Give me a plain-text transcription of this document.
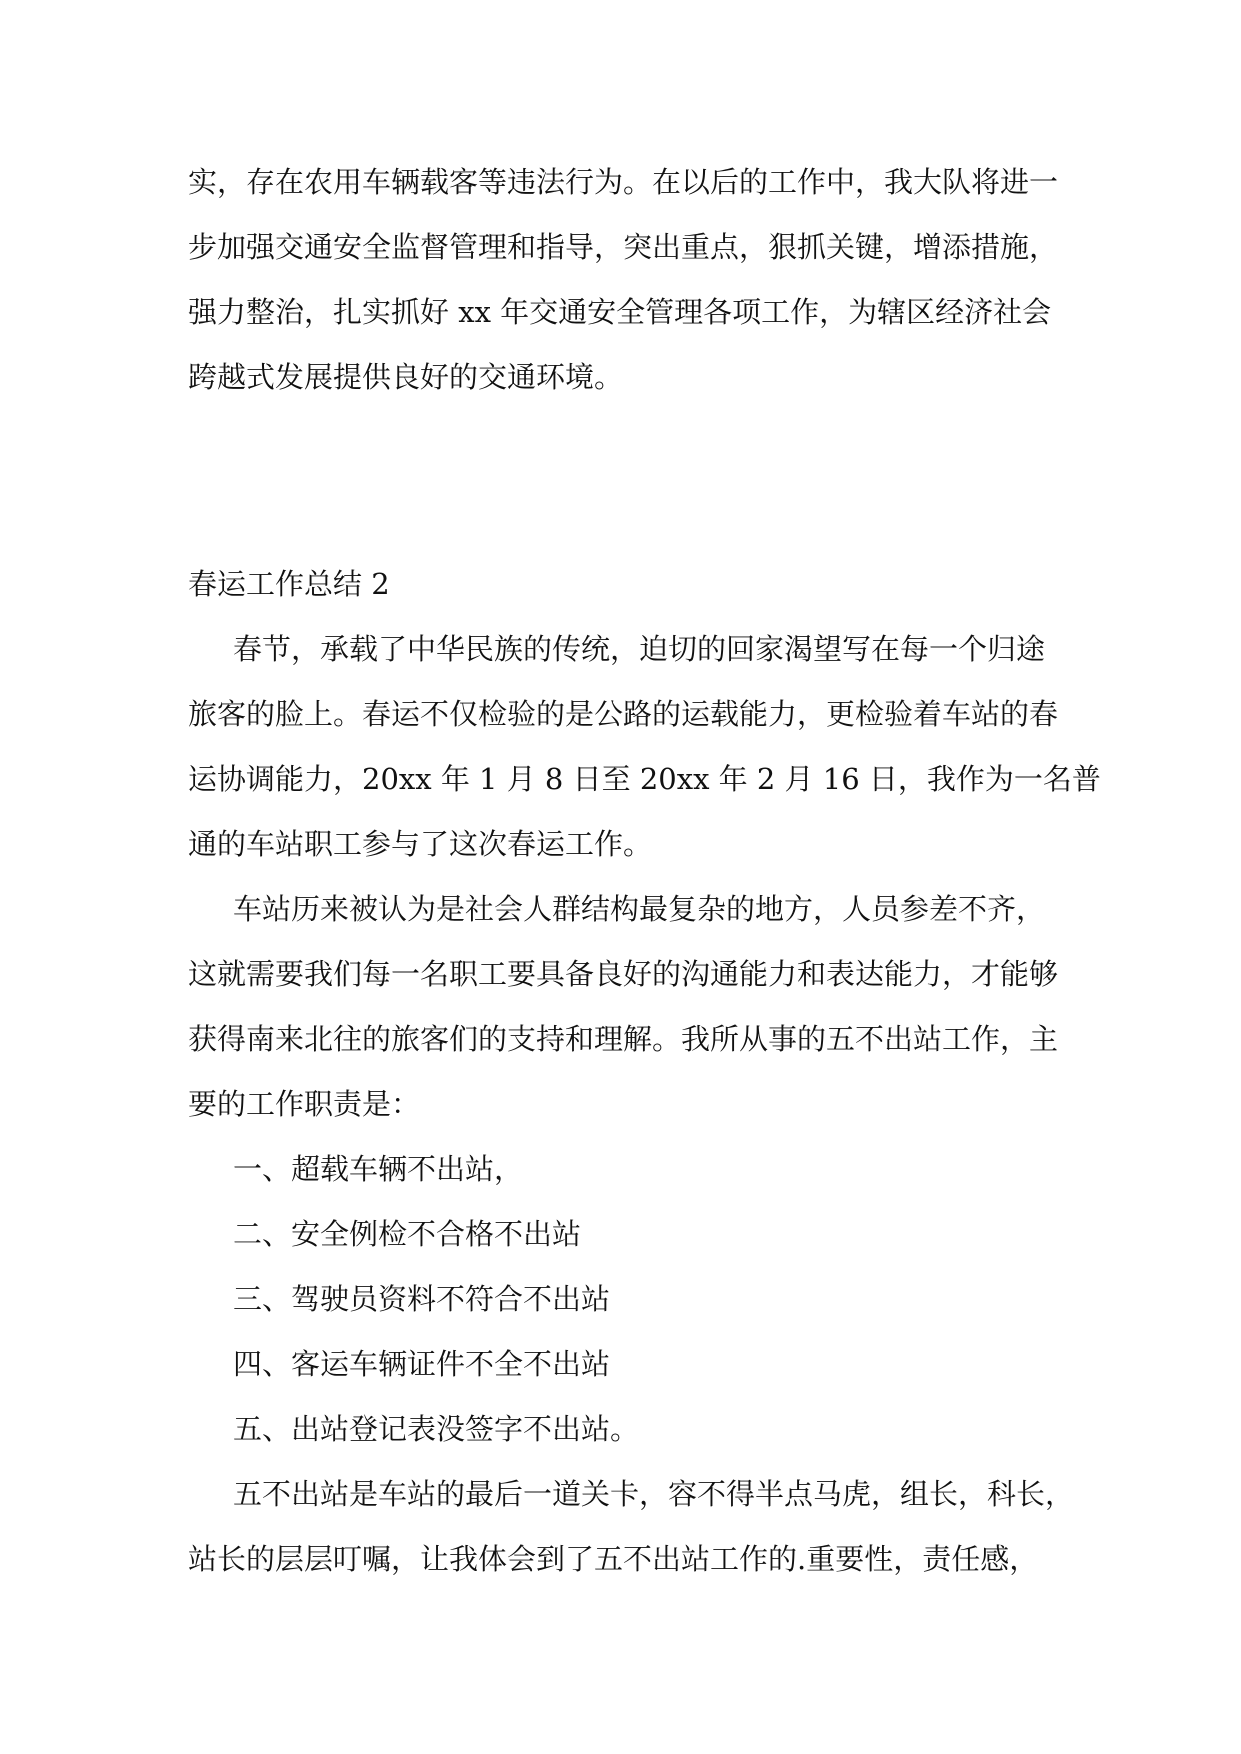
实，存在农用车辆载客等违法行为。在以后的工作中，我大队将进一

步加强交通安全监督管理和指导，突出重点，狠抓关键，增添措施，

强力整治，扎实抓好 xx 年交通安全管理各项工作，为辖区经济社会

跨越式发展提供良好的交通环境。

春运工作总结 2

春节，承载了中华民族的传统，迫切的回家渴望写在每一个归途

旅客的脸上。春运不仅检验的是公路的运载能力，更检验着车站的春

运协调能力，20xx 年 1 月 8 日至 20xx 年 2 月 16 日，我作为一名普

通的车站职工参与了这次春运工作。

车站历来被认为是社会人群结构最复杂的地方，人员参差不齐，

这就需要我们每一名职工要具备良好的沟通能力和表达能力，才能够

获得南来北往的旅客们的支持和理解。我所从事的五不出站工作，主

要的工作职责是：

一、超载车辆不出站，

二、安全例检不合格不出站

三、驾驶员资料不符合不出站

四、客运车辆证件不全不出站

五、出站登记表没签字不出站。

五不出站是车站的最后一道关卡，容不得半点马虎，组长，科长，

站长的层层叮嘱，让我体会到了五不出站工作的.重要性，责任感，
